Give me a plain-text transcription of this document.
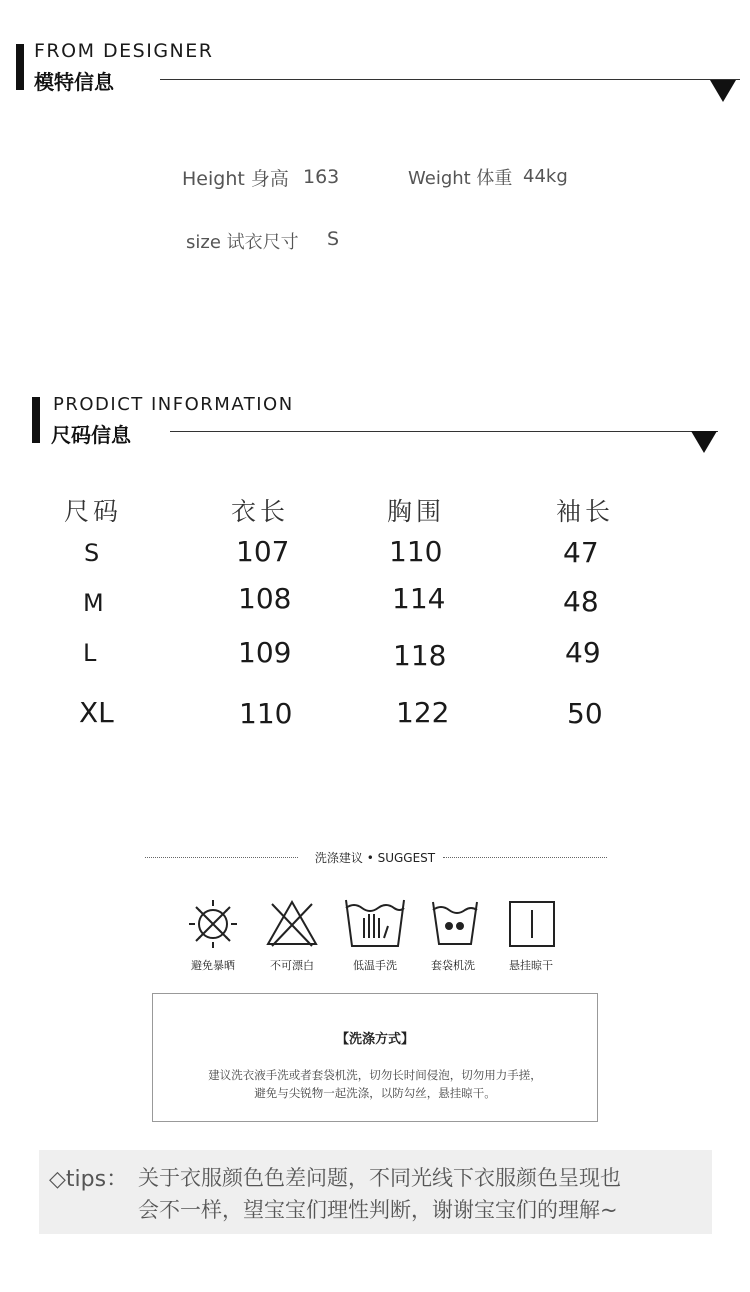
FROM DESIGNER
模特信息
Height 身高 163	Weight 体重 44kg
size 试衣尺寸 S
PRODICT INFORMATION
尺码信息
尺码	衣长	胸围	袖长
S	107	110	47
M	108	114	48
L	109	118	49
XL	110	122	50
洗涤建议 • SUGGEST
避免暴晒	不可漂白	低温手洗	套袋机洗	悬挂晾干
【洗涤方式】
建议洗衣液手洗或者套袋机洗，切勿长时间侵泡，切勿用力手搓，
避免与尖锐物一起洗涤，以防勾丝，悬挂晾干。
◇tips： 关于衣服颜色色差问题，不同光线下衣服颜色呈现也
会不一样，望宝宝们理性判断，谢谢宝宝们的理解~
